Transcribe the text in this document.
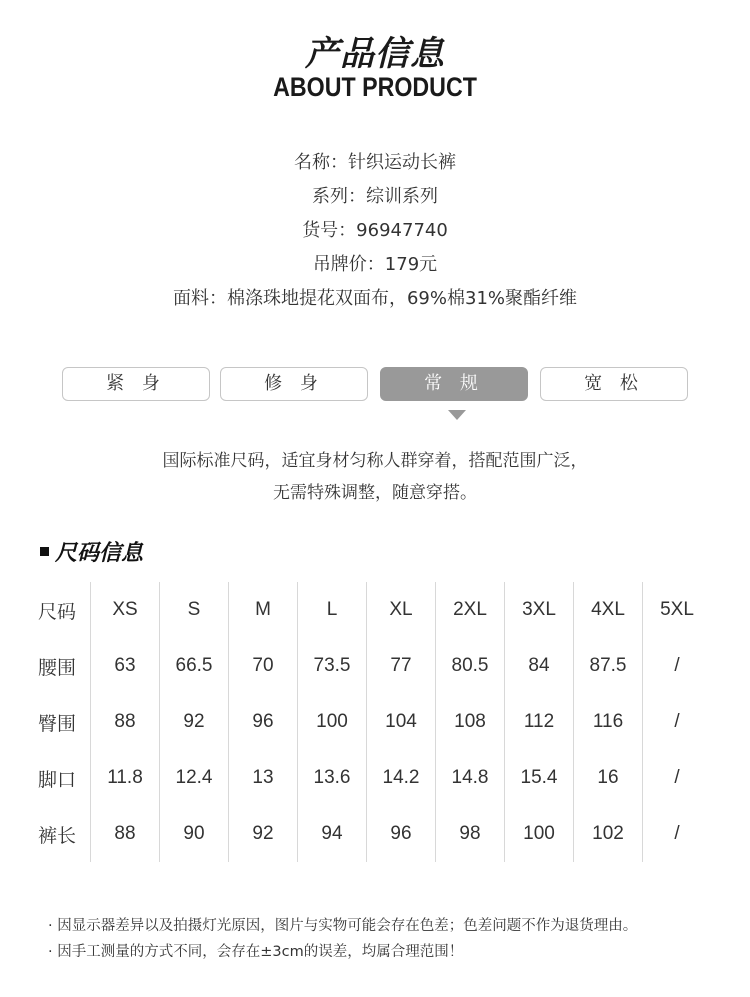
产品信息
ABOUT PRODUCT
名称：针织运动长裤
系列：综训系列
货号：96947740
吊牌价：179元
面料：棉涤珠地提花双面布，69%棉31%聚酯纤维
紧 身	修 身	常 规	宽 松
国际标准尺码，适宜身材匀称人群穿着，搭配范围广泛，
无需特殊调整，随意穿搭。
尺码信息
尺码	XS	S	M	L	XL	2XL	3XL	4XL	5XL
腰围	63	66.5	70	73.5	77	80.5	84	87.5	/
臀围	88	92	96	100	104	108	112	116	/
脚口	11.8	12.4	13	13.6	14.2	14.8	15.4	16	/
裤长	88	90	92	94	96	98	100	102	/
· 因显示器差异以及拍摄灯光原因，图片与实物可能会存在色差；色差问题不作为退货理由。
· 因手工测量的方式不同，会存在±3cm的误差，均属合理范围！
